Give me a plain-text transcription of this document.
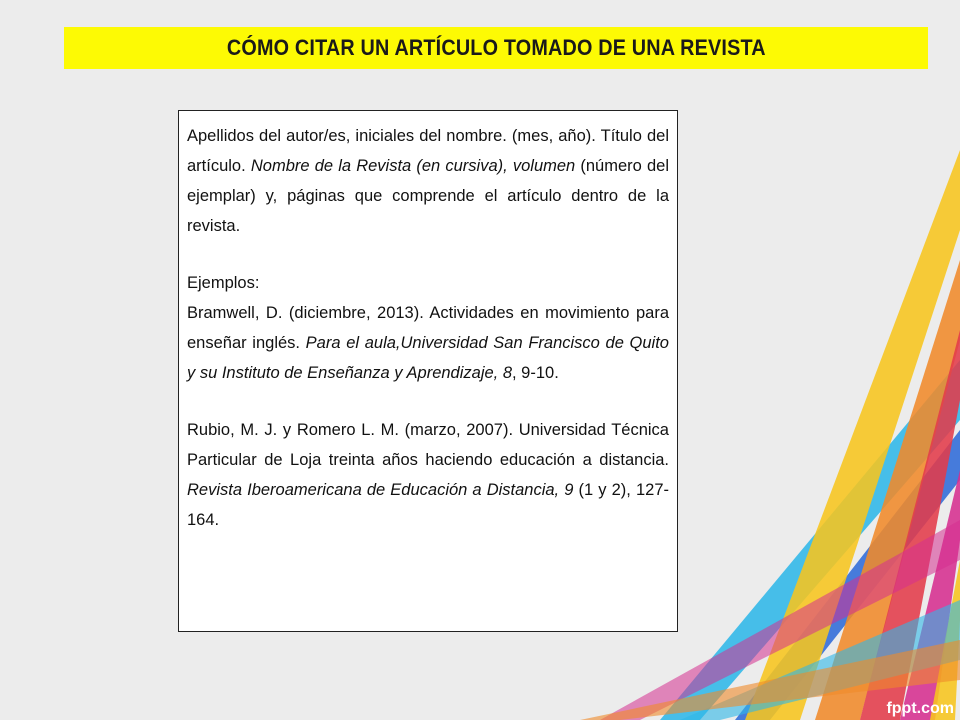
CÓMO CITAR UN ARTÍCULO TOMADO DE UNA REVISTA

Apellidos del autor/es, iniciales del nombre. (mes, año). Título del artículo. Nombre de la Revista (en cursiva), volumen (número del ejemplar) y, páginas que comprende el artículo dentro de la revista.

Ejemplos:

Bramwell, D. (diciembre, 2013). Actividades en movimiento para enseñar inglés. Para el aula,Universidad San Francisco de Quito y su Instituto de Enseñanza y Aprendizaje, 8, 9-10.

Rubio, M. J. y Romero L. M. (marzo, 2007). Universidad Técnica Particular de Loja treinta años haciendo educación a distancia. Revista Iberoamericana de Educación a Distancia, 9 (1 y 2), 127-164.

fppt.com
